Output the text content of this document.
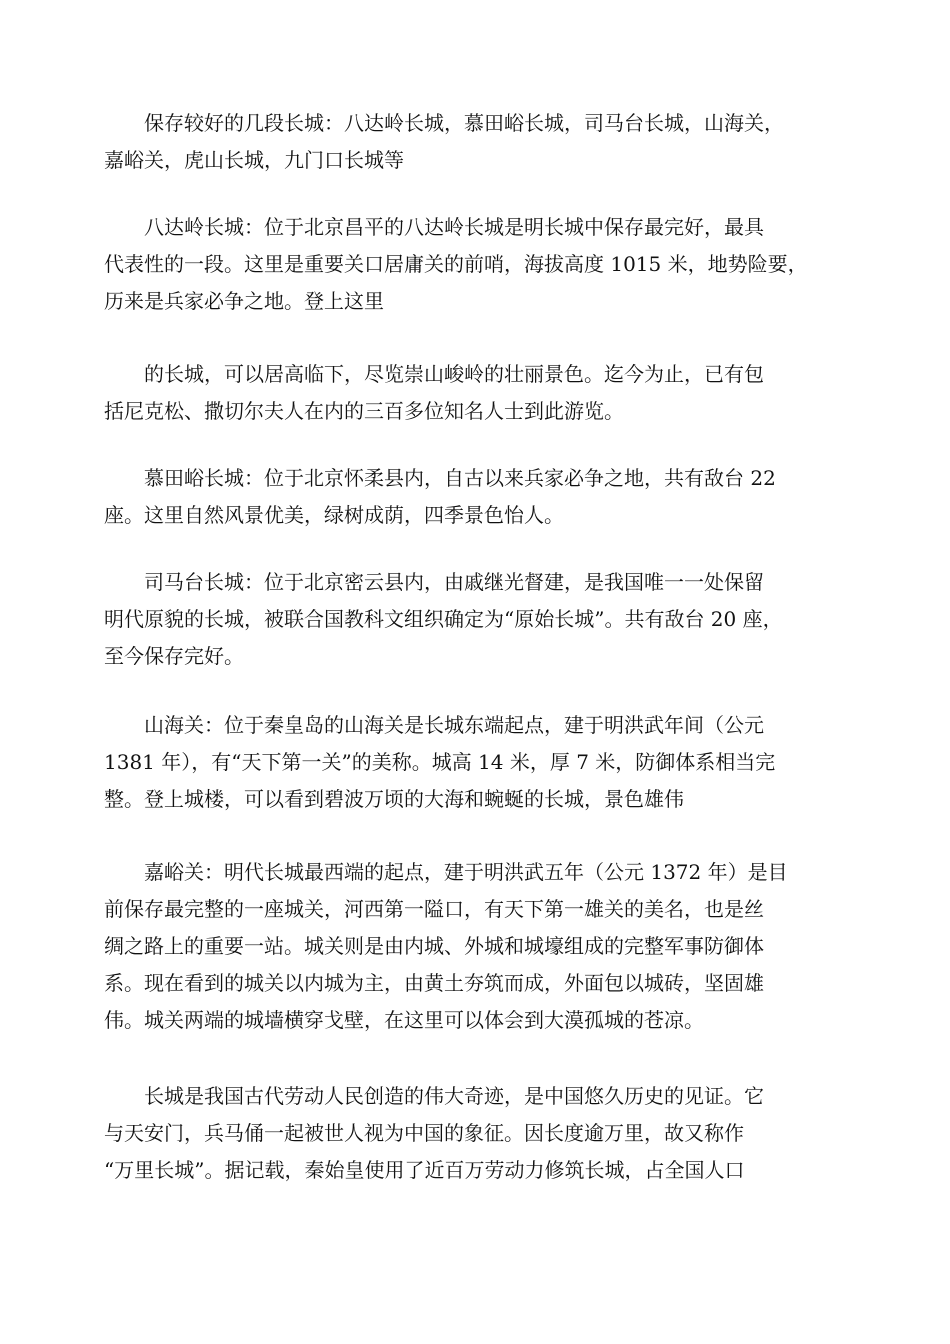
　　保存较好的几段长城：八达岭长城，慕田峪长城，司马台长城，山海关，
嘉峪关，虎山长城，九门口长城等
　　八达岭长城：位于北京昌平的八达岭长城是明长城中保存最完好，最具
代表性的一段。这里是重要关口居庸关的前哨，海拔高度 1015 米，地势险要，
历来是兵家必争之地。登上这里
　　的长城，可以居高临下，尽览崇山峻岭的壮丽景色。迄今为止，已有包
括尼克松、撒切尔夫人在内的三百多位知名人士到此游览。
　　慕田峪长城：位于北京怀柔县内，自古以来兵家必争之地，共有敌台 22
座。这里自然风景优美，绿树成荫，四季景色怡人。
　　司马台长城：位于北京密云县内，由戚继光督建，是我国唯一一处保留
明代原貌的长城，被联合国教科文组织确定为“原始长城”。共有敌台 20 座，
至今保存完好。
　　山海关：位于秦皇岛的山海关是长城东端起点，建于明洪武年间（公元
1381 年），有“天下第一关”的美称。城高 14 米，厚 7 米，防御体系相当完
整。登上城楼，可以看到碧波万顷的大海和蜿蜒的长城，景色雄伟
　　嘉峪关：明代长城最西端的起点，建于明洪武五年（公元 1372 年）是目
前保存最完整的一座城关，河西第一隘口，有天下第一雄关的美名，也是丝
绸之路上的重要一站。城关则是由内城、外城和城壕组成的完整军事防御体
系。现在看到的城关以内城为主，由黄土夯筑而成，外面包以城砖，坚固雄
伟。城关两端的城墙横穿戈壁，在这里可以体会到大漠孤城的苍凉。
　　长城是我国古代劳动人民创造的伟大奇迹，是中国悠久历史的见证。它
与天安门，兵马俑一起被世人视为中国的象征。因长度逾万里，故又称作
“万里长城”。据记载，秦始皇使用了近百万劳动力修筑长城，占全国人口
